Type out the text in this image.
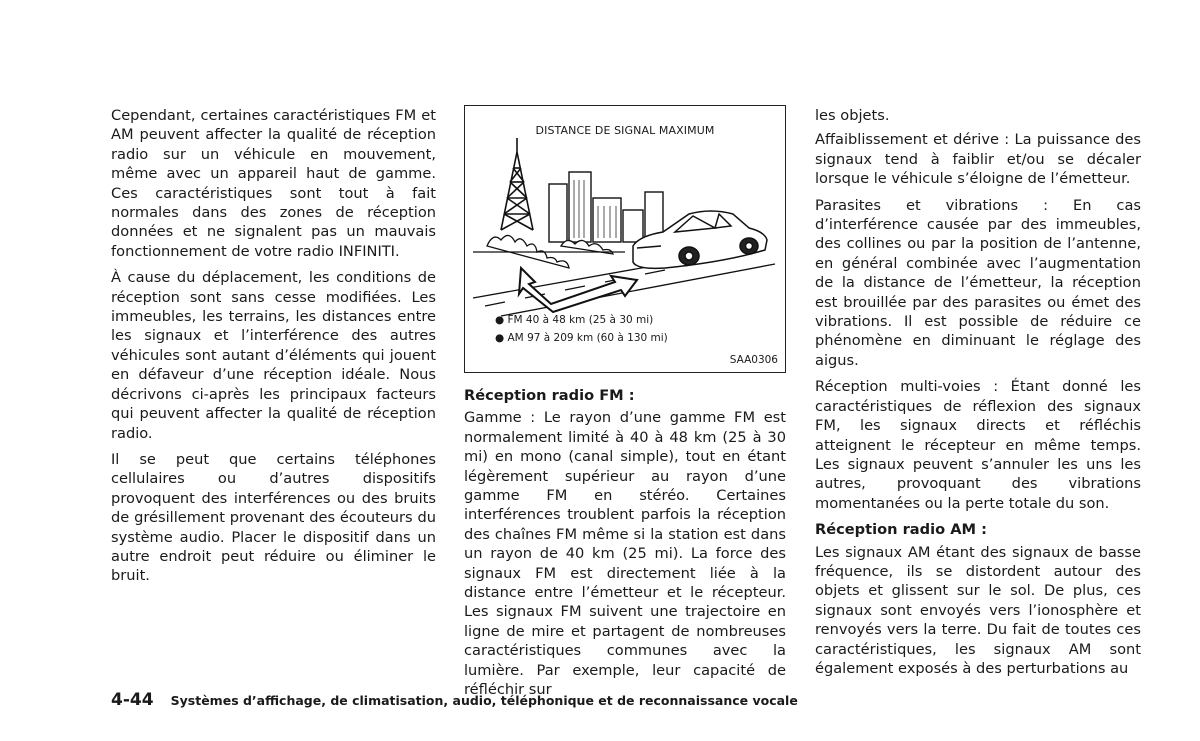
Cependant, certaines caractéristiques FM et AM peuvent affecter la qualité de réception radio sur un véhicule en mouvement, même avec un appareil haut de gamme. Ces caractéristiques sont tout à fait normales dans des zones de réception données et ne signalent pas un mauvais fonctionnement de votre radio INFINITI.

À cause du déplacement, les conditions de réception sont sans cesse modifiées. Les immeubles, les terrains, les distances entre les signaux et l’interférence des autres véhicules sont autant d’éléments qui jouent en défaveur d’une réception idéale. Nous décrivons ci-après les principaux facteurs qui peuvent affecter la qualité de réception radio.

Il se peut que certains téléphones cellulaires ou d’autres dispositifs provoquent des interférences ou des bruits de grésillement provenant des écouteurs du système audio. Placer le dispositif dans un autre endroit peut réduire ou éliminer le bruit.

DISTANCE DE SIGNAL MAXIMUM
● FM 40 à 48 km (25 à 30 mi)
● AM 97 à 209 km (60 à 130 mi)
SAA0306

Réception radio FM :

Gamme : Le rayon d’une gamme FM est normalement limité à 40 à 48 km (25 à 30 mi) en mono (canal simple), tout en étant légèrement supérieur au rayon d’une gamme FM en stéréo. Certaines interférences troublent parfois la réception des chaînes FM même si la station est dans un rayon de 40 km (25 mi). La force des signaux FM est directement liée à la distance entre l’émetteur et le récepteur. Les signaux FM suivent une trajectoire en ligne de mire et partagent de nombreuses caractéristiques communes avec la lumière. Par exemple, leur capacité de réfléchir sur

les objets.

Affaiblissement et dérive : La puissance des signaux tend à faiblir et/ou se décaler lorsque le véhicule s’éloigne de l’émetteur.

Parasites et vibrations : En cas d’interférence causée par des immeubles, des collines ou par la position de l’antenne, en général combinée avec l’augmentation de la distance de l’émetteur, la réception est brouillée par des parasites ou émet des vibrations. Il est possible de réduire ce phénomène en diminuant le réglage des aigus.

Réception multi-voies : Étant donné les caractéristiques de réflexion des signaux FM, les signaux directs et réfléchis atteignent le récepteur en même temps. Les signaux peuvent s’annuler les uns les autres, provoquant des vibrations momentanées ou la perte totale du son.

Réception radio AM :

Les signaux AM étant des signaux de basse fréquence, ils se distordent autour des objets et glissent sur le sol. De plus, ces signaux sont envoyés vers l’ionosphère et renvoyés vers la terre. Du fait de toutes ces caractéristiques, les signaux AM sont également exposés à des perturbations au

4-44 Systèmes d’affichage, de climatisation, audio, téléphonique et de reconnaissance vocale
